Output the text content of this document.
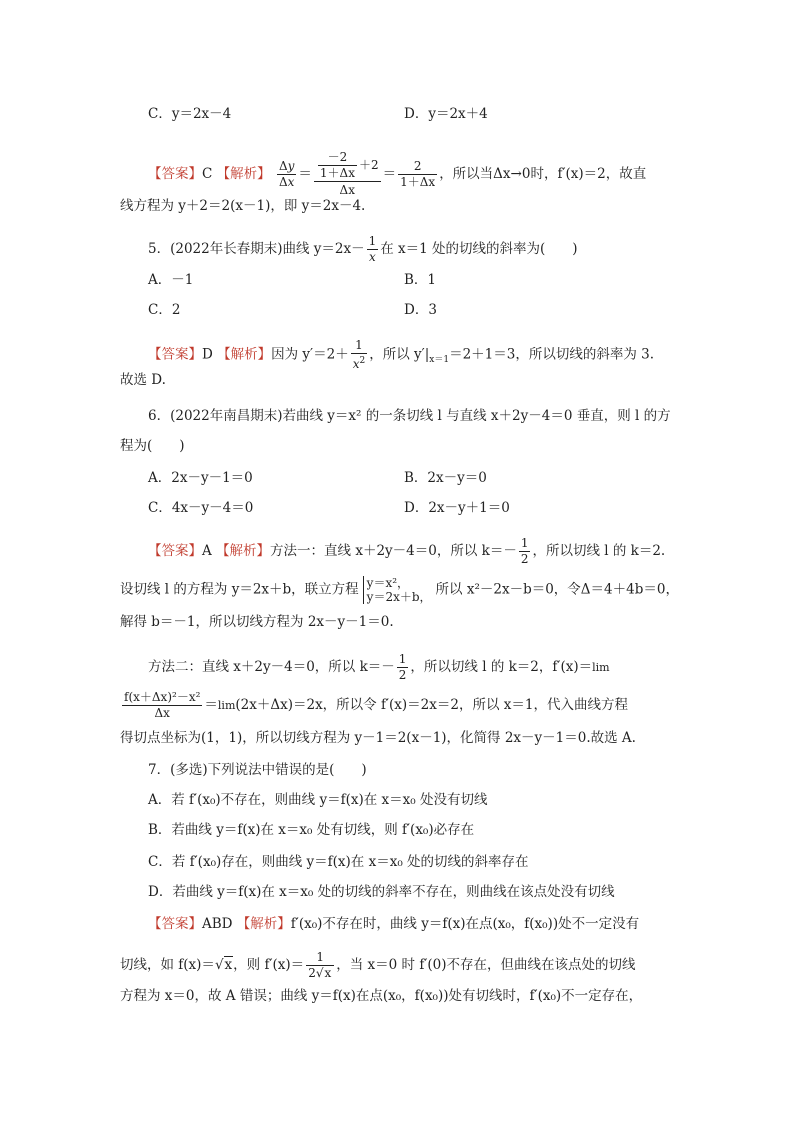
C．y＝2x－4	D．y＝2x＋4
【答案】C 【解析】 $\frac{\Delta y}{\Delta x} = \frac{\frac{-2}{1+\Delta x} +2}{\Delta x} = \frac{2}{1+\Delta x}$ ，所以当Δx→0时，f′(x)＝2，故直
线方程为 y＋2＝2(x－1)，即 y＝2x－4.
5．(2022年长春期末)曲线 $y=2x- \frac{1}{x}$ 在 x＝1 处的切线的斜率为(　　)
A．－1	B．1
C．2	D．3
【答案】D 【解析】因为 $y'=2+ \frac{1}{x^2}$ ，所以 $y'|_{x=1}=2+1=3$，所以切线的斜率为 3.
故选 D.
6．(2022年南昌期末)若曲线 y＝x² 的一条切线 l 与直线 x＋2y－4＝0 垂直，则 l 的方
程为(　　)
A．2x－y－1＝0	B．2x－y＝0
C．4x－y－4＝0	D．2x－y＋1＝0
【答案】A 【解析】方法一：直线 x＋2y－4＝0，所以 $k=- \frac{1}{2}$ ，所以切线 l 的 k＝2.
设切线 l 的方程为 y＝2x＋b，联立方程 y＝x²，
y＝2x＋b， 所以 x²－2x－b＝0，令Δ＝4＋4b＝0，
解得 b＝－1，所以切线方程为 2x－y－1＝0.
方法二：直线 x＋2y－4＝0，所以 $k=- \frac{1}{2}$ ，所以切线 l 的 k＝2，f′(x)＝lim
$\frac{\text{f(x＋Δx)²－x²}}{\Delta x} =\lim(2x+\Delta x)=2x$，所以令 f′(x)＝2x＝2，所以 x＝1，代入曲线方程
得切点坐标为(1，1)，所以切线方程为 y－1＝2(x－1)，化简得 2x－y－1＝0.故选 A.
7．(多选)下列说法中错误的是(　　)
A．若 f′(x₀)不存在，则曲线 y＝f(x)在 x＝x₀ 处没有切线
B．若曲线 y＝f(x)在 x＝x₀ 处有切线，则 f′(x₀)必存在
C．若 f′(x₀)存在，则曲线 y＝f(x)在 x＝x₀ 处的切线的斜率存在
D．若曲线 y＝f(x)在 x＝x₀ 处的切线的斜率不存在，则曲线在该点处没有切线
【答案】ABD 【解析】f′(x₀)不存在时，曲线 y＝f(x)在点(x₀，f(x₀))处不一定没有
切线，如 f(x)＝√x，则 $f'(x)= \frac{1}{2√x}$ ，当 x＝0 时 f′(0)不存在，但曲线在该点处的切线
方程为 x＝0，故 A 错误；曲线 y＝f(x)在点(x₀，f(x₀))处有切线时，f′(x₀)不一定存在，
